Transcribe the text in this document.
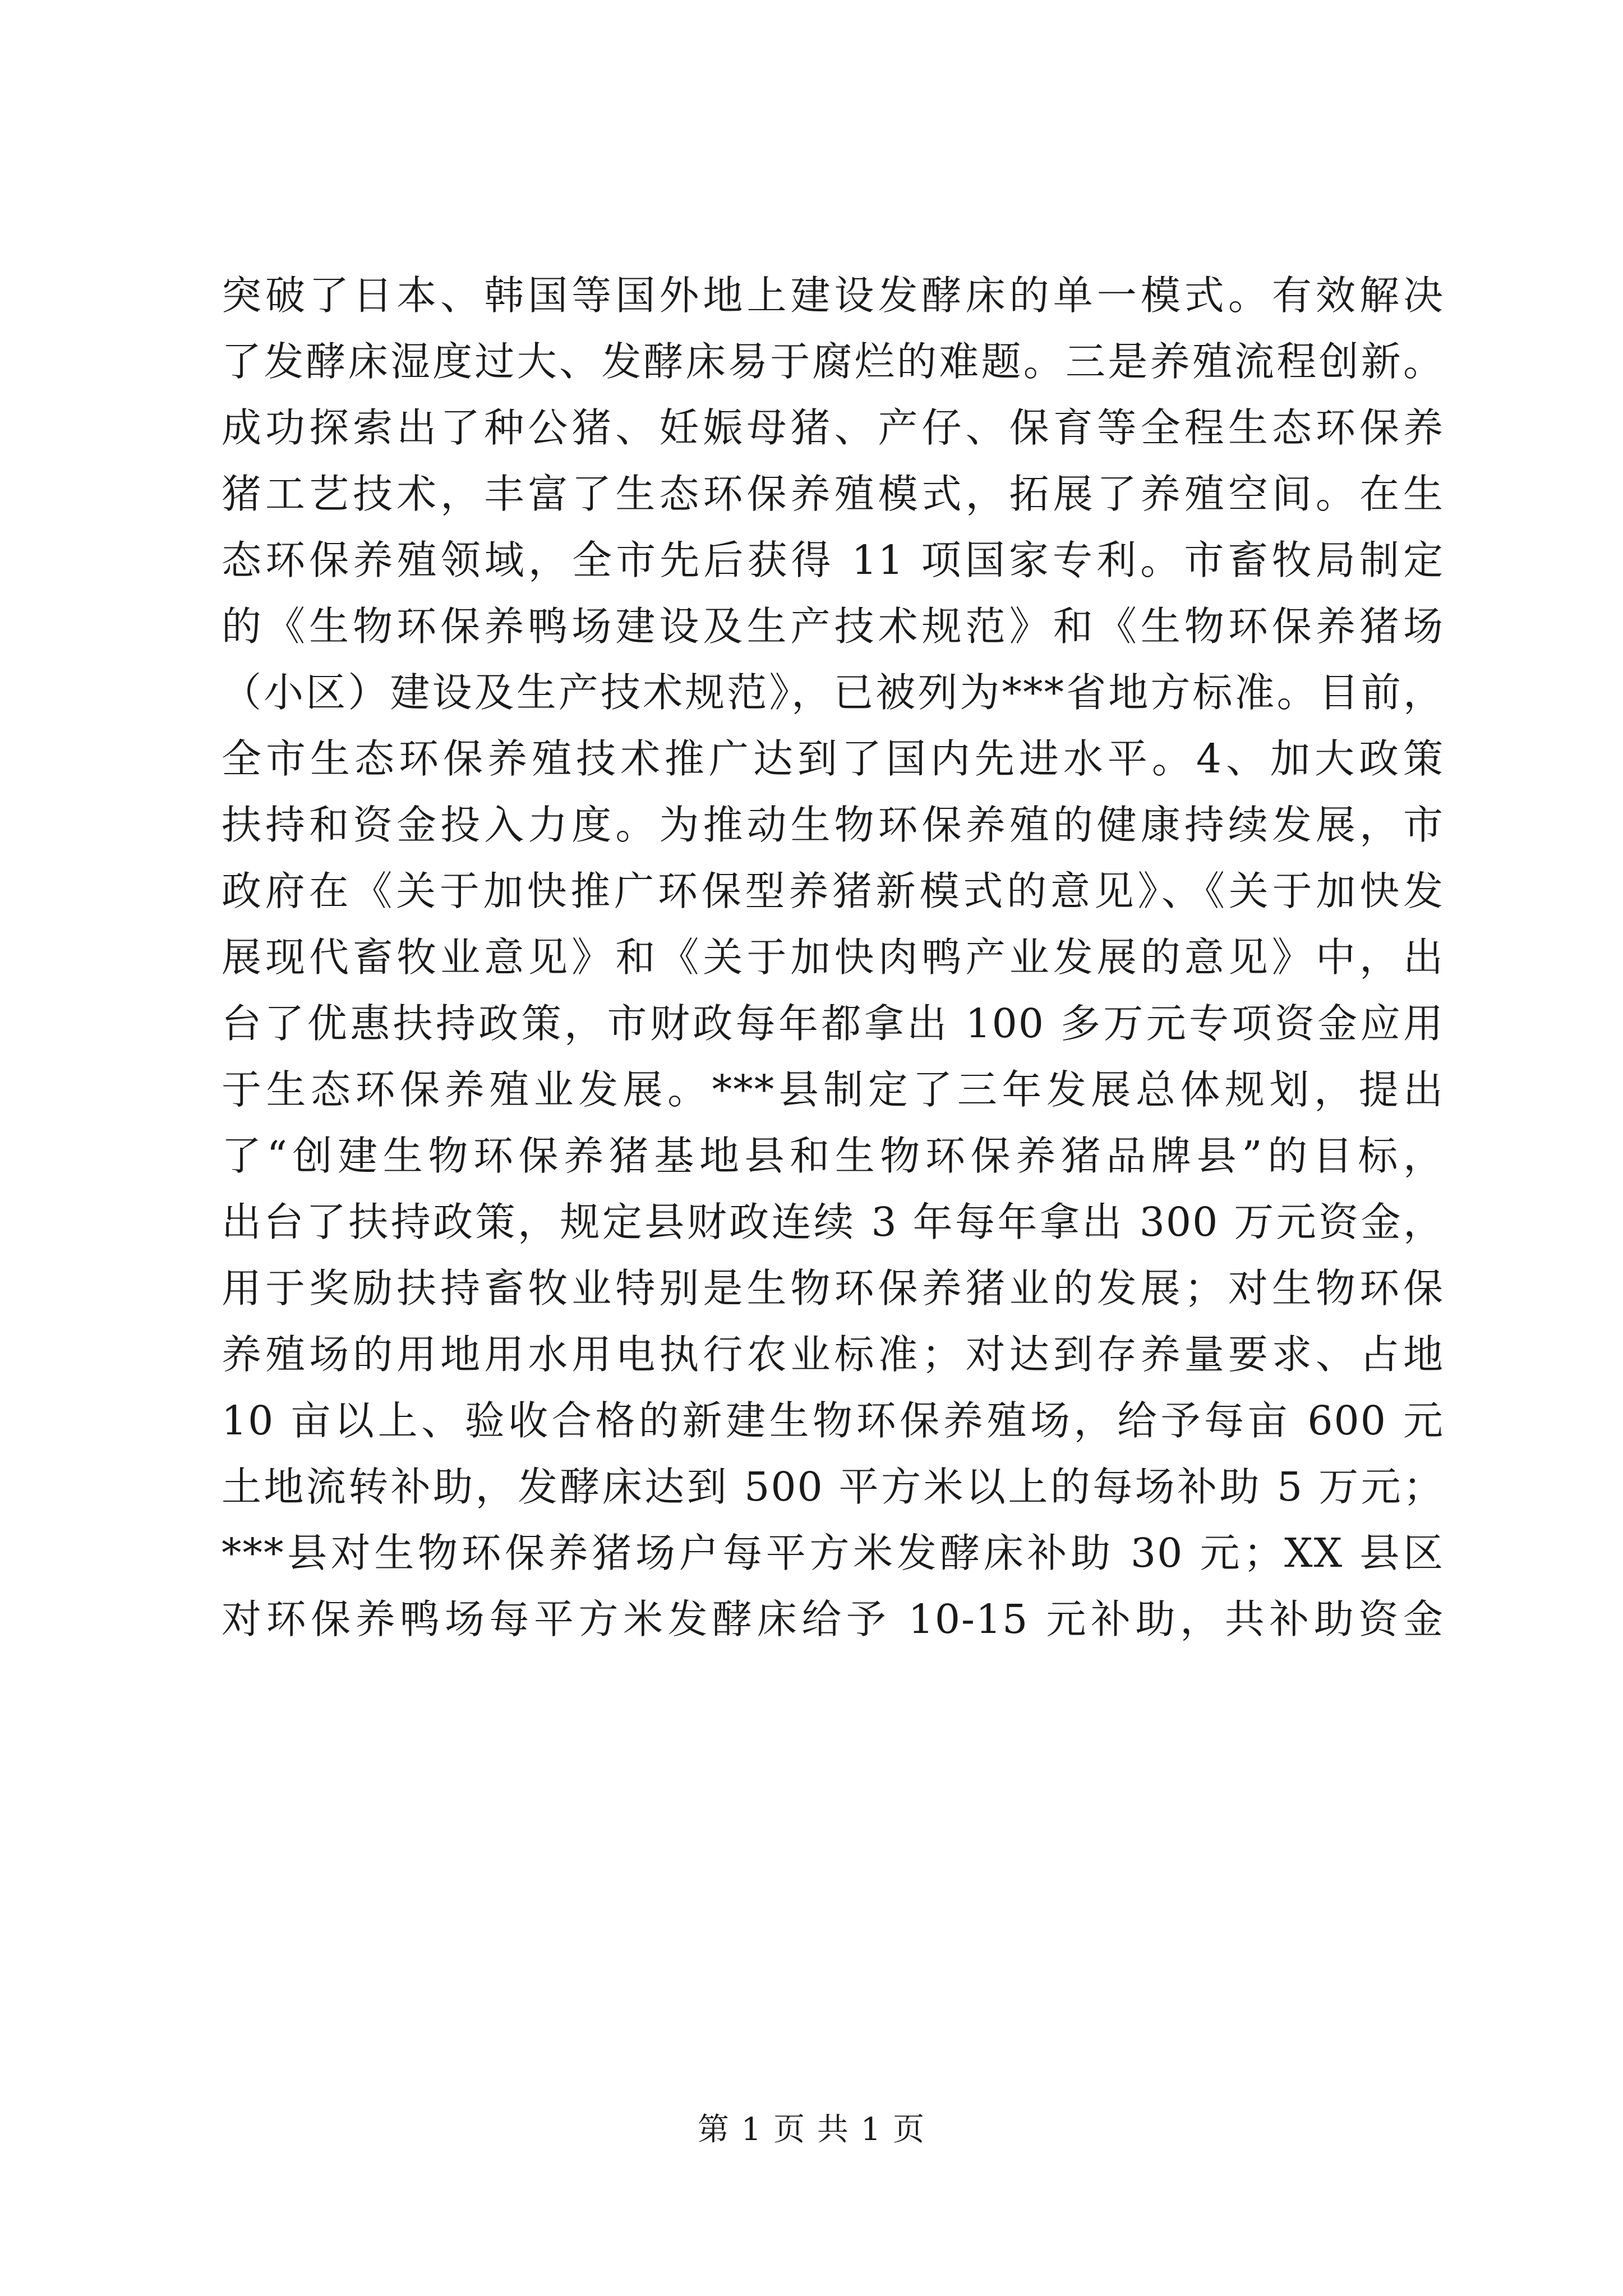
突破了日本、韩国等国外地上建设发酵床的单一模式。有效解决
了发酵床湿度过大、发酵床易于腐烂的难题。三是养殖流程创新。
成功探索出了种公猪、妊娠母猪、产仔、保育等全程生态环保养
猪工艺技术，丰富了生态环保养殖模式，拓展了养殖空间。在生
态环保养殖领域，全市先后获得 11 项国家专利。市畜牧局制定
的《生物环保养鸭场建设及生产技术规范》和《生物环保养猪场
（小区）建设及生产技术规范》，已被列为***省地方标准。目前，
全市生态环保养殖技术推广达到了国内先进水平。4、加大政策
扶持和资金投入力度。为推动生物环保养殖的健康持续发展，市
政府在《关于加快推广环保型养猪新模式的意见》、《关于加快发
展现代畜牧业意见》和《关于加快肉鸭产业发展的意见》中，出
台了优惠扶持政策，市财政每年都拿出 100 多万元专项资金应用
于生态环保养殖业发展。***县制定了三年发展总体规划，提出
了“创建生物环保养猪基地县和生物环保养猪品牌县”的目标，
出台了扶持政策，规定县财政连续 3 年每年拿出 300 万元资金，
用于奖励扶持畜牧业特别是生物环保养猪业的发展；对生物环保
养殖场的用地用水用电执行农业标准；对达到存养量要求、占地
10 亩以上、验收合格的新建生物环保养殖场，给予每亩 600 元
土地流转补助，发酵床达到 500 平方米以上的每场补助 5 万元；
***县对生物环保养猪场户每平方米发酵床补助 30 元；XX 县区
对环保养鸭场每平方米发酵床给予 10-15 元补助，共补助资金
第 1 页 共 1 页
